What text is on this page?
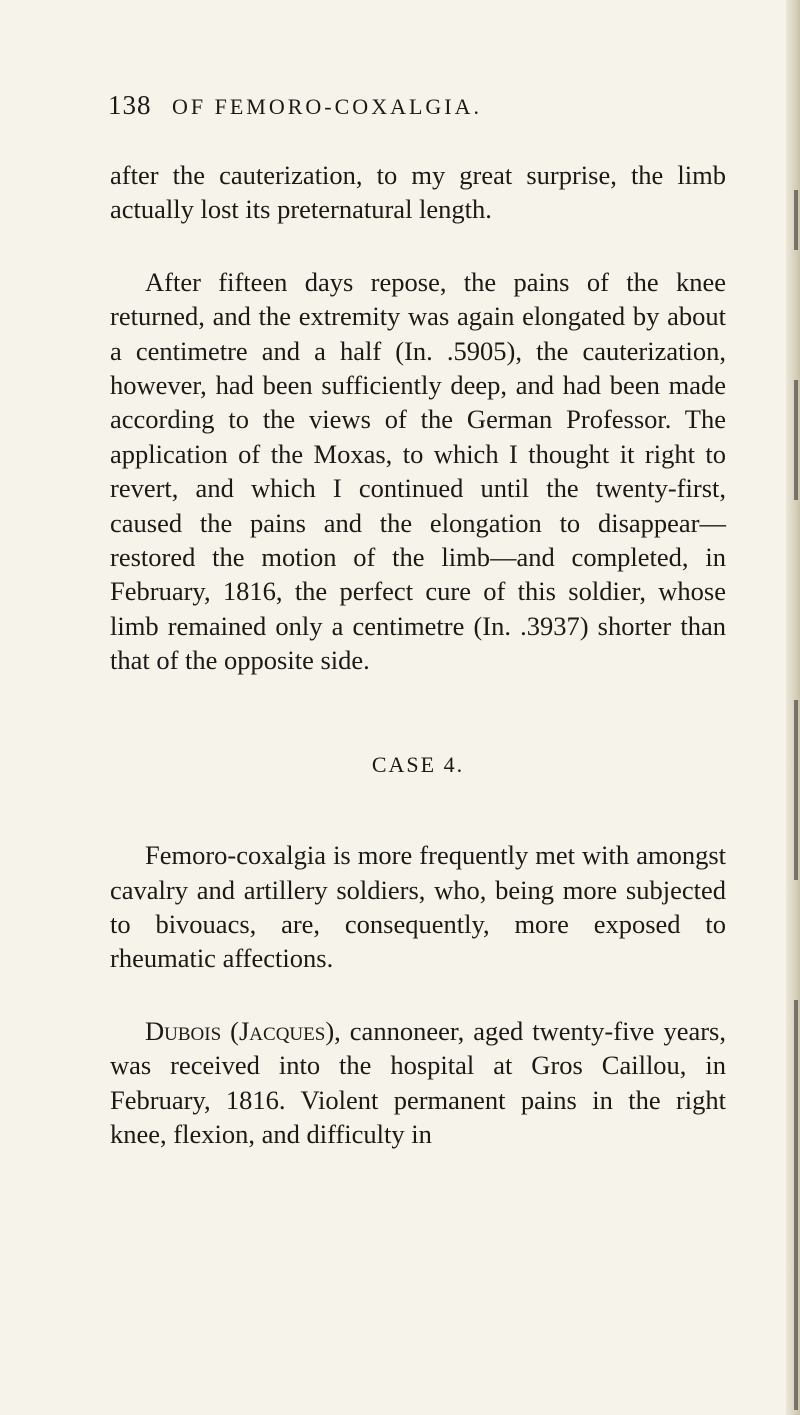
138 OF FEMORO-COXALGIA.

after the cauterization, to my great surprise, the limb actually lost its preternatural length.

After fifteen days repose, the pains of the knee returned, and the extremity was again elongated by about a centimetre and a half (In. .5905), the cauterization, however, had been sufficiently deep, and had been made according to the views of the German Professor. The application of the Moxas, to which I thought it right to revert, and which I continued until the twenty-first, caused the pains and the elongation to disappear—restored the motion of the limb—and completed, in February, 1816, the perfect cure of this soldier, whose limb remained only a centimetre (In. .3937) shorter than that of the opposite side.

CASE 4.

Femoro-coxalgia is more frequently met with amongst cavalry and artillery soldiers, who, being more subjected to bivouacs, are, consequently, more exposed to rheumatic affections.

Dubois (Jacques), cannoneer, aged twenty-five years, was received into the hospital at Gros Caillou, in February, 1816. Violent permanent pains in the right knee, flexion, and difficulty in
